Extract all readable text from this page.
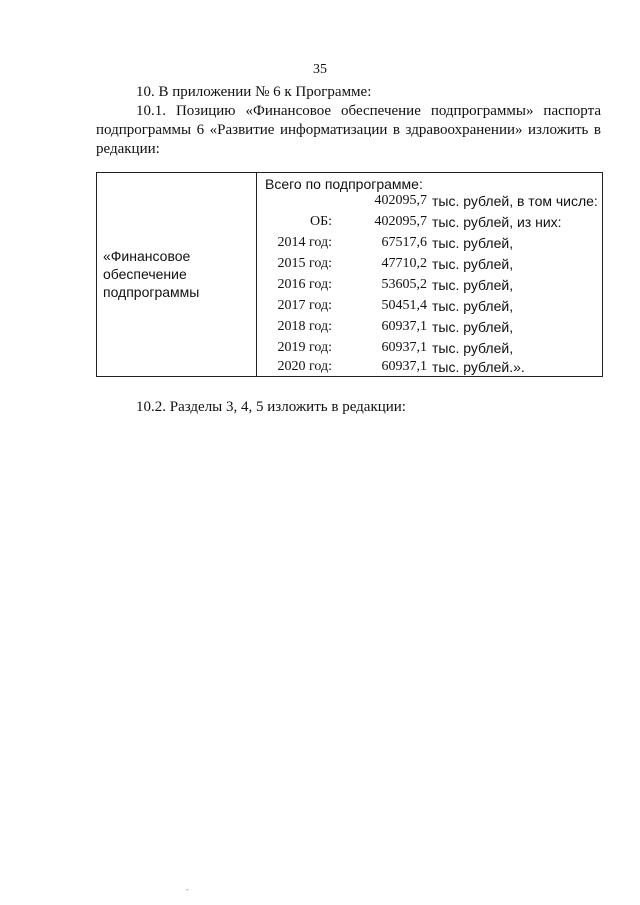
35
10. В приложении № 6 к Программе:
10.1. Позицию «Финансовое обеспечение подпрограммы» паспорта
подпрограммы 6 «Развитие информатизации в здравоохранении» изложить в
редакции:
«Финансовое
обеспечение
подпрограммы
Всего по подпрограмме:
402095,7 тыс. рублей, в том числе:
ОБ:	402095,7 тыс. рублей, из них:
2014 год:	67517,6 тыс. рублей,
2015 год:	47710,2 тыс. рублей,
2016 год:	53605,2 тыс. рублей,
2017 год:	50451,4 тыс. рублей,
2018 год:	60937,1 тыс. рублей,
2019 год:	60937,1 тыс. рублей,
2020 год:	60937,1 тыс. рублей.».
10.2. Разделы 3, 4, 5 изложить в редакции:
ˆ
